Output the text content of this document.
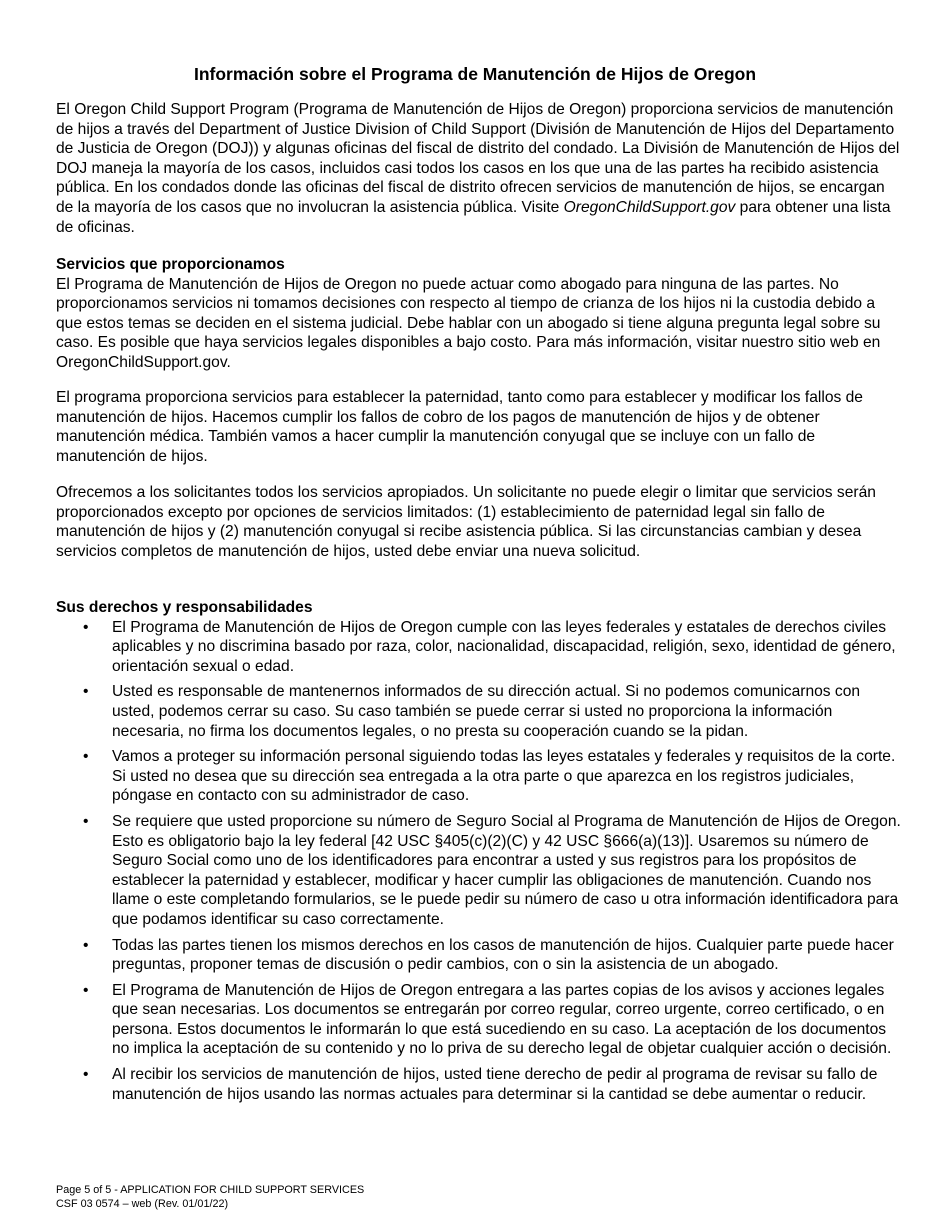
Información sobre el Programa de Manutención de Hijos de Oregon
El Oregon Child Support Program (Programa de Manutención de Hijos de Oregon) proporciona servicios de manutención de hijos a través del Department of Justice Division of Child Support (División de Manutención de Hijos del Departamento de Justicia de Oregon (DOJ)) y algunas oficinas del fiscal de distrito del condado. La División de Manutención de Hijos del DOJ maneja la mayoría de los casos, incluidos casi todos los casos en los que una de las partes ha recibido asistencia pública. En los condados donde las oficinas del fiscal de distrito ofrecen servicios de manutención de hijos, se encargan de la mayoría de los casos que no involucran la asistencia pública. Visite OregonChildSupport.gov para obtener una lista de oficinas.
Servicios que proporcionamos
El Programa de Manutención de Hijos de Oregon no puede actuar como abogado para ninguna de las partes. No proporcionamos servicios ni tomamos decisiones con respecto al tiempo de crianza de los hijos ni la custodia debido a que estos temas se deciden en el sistema judicial. Debe hablar con un abogado si tiene alguna pregunta legal sobre su caso. Es posible que haya servicios legales disponibles a bajo costo. Para más información, visitar nuestro sitio web en OregonChildSupport.gov.
El programa proporciona servicios para establecer la paternidad, tanto como para establecer y modificar los fallos de manutención de hijos. Hacemos cumplir los fallos de cobro de los pagos de manutención de hijos y de obtener manutención médica. También vamos a hacer cumplir la manutención conyugal que se incluye con un fallo de manutención de hijos.
Ofrecemos a los solicitantes todos los servicios apropiados. Un solicitante no puede elegir o limitar que servicios serán proporcionados excepto por opciones de servicios limitados: (1) establecimiento de paternidad legal sin fallo de manutención de hijos y (2) manutención conyugal si recibe asistencia pública. Si las circunstancias cambian y desea servicios completos de manutención de hijos, usted debe enviar una nueva solicitud.
Sus derechos y responsabilidades
• El Programa de Manutención de Hijos de Oregon cumple con las leyes federales y estatales de derechos civiles aplicables y no discrimina basado por raza, color, nacionalidad, discapacidad, religión, sexo, identidad de género, orientación sexual o edad.
• Usted es responsable de mantenernos informados de su dirección actual. Si no podemos comunicarnos con usted, podemos cerrar su caso. Su caso también se puede cerrar si usted no proporciona la información necesaria, no firma los documentos legales, o no presta su cooperación cuando se la pidan.
• Vamos a proteger su información personal siguiendo todas las leyes estatales y federales y requisitos de la corte. Si usted no desea que su dirección sea entregada a la otra parte o que aparezca en los registros judiciales, póngase en contacto con su administrador de caso.
• Se requiere que usted proporcione su número de Seguro Social al Programa de Manutención de Hijos de Oregon. Esto es obligatorio bajo la ley federal [42 USC §405(c)(2)(C) y 42 USC §666(a)(13)]. Usaremos su número de Seguro Social como uno de los identificadores para encontrar a usted y sus registros para los propósitos de establecer la paternidad y establecer, modificar y hacer cumplir las obligaciones de manutención. Cuando nos llame o este completando formularios, se le puede pedir su número de caso u otra información identificadora para que podamos identificar su caso correctamente.
• Todas las partes tienen los mismos derechos en los casos de manutención de hijos. Cualquier parte puede hacer preguntas, proponer temas de discusión o pedir cambios, con o sin la asistencia de un abogado.
• El Programa de Manutención de Hijos de Oregon entregara a las partes copias de los avisos y acciones legales que sean necesarias. Los documentos se entregarán por correo regular, correo urgente, correo certificado, o en persona. Estos documentos le informarán lo que está sucediendo en su caso. La aceptación de los documentos no implica la aceptación de su contenido y no lo priva de su derecho legal de objetar cualquier acción o decisión.
• Al recibir los servicios de manutención de hijos, usted tiene derecho de pedir al programa de revisar su fallo de manutención de hijos usando las normas actuales para determinar si la cantidad se debe aumentar o reducir.
Page 5 of 5 - APPLICATION FOR CHILD SUPPORT SERVICES
CSF 03 0574 – web (Rev. 01/01/22)
